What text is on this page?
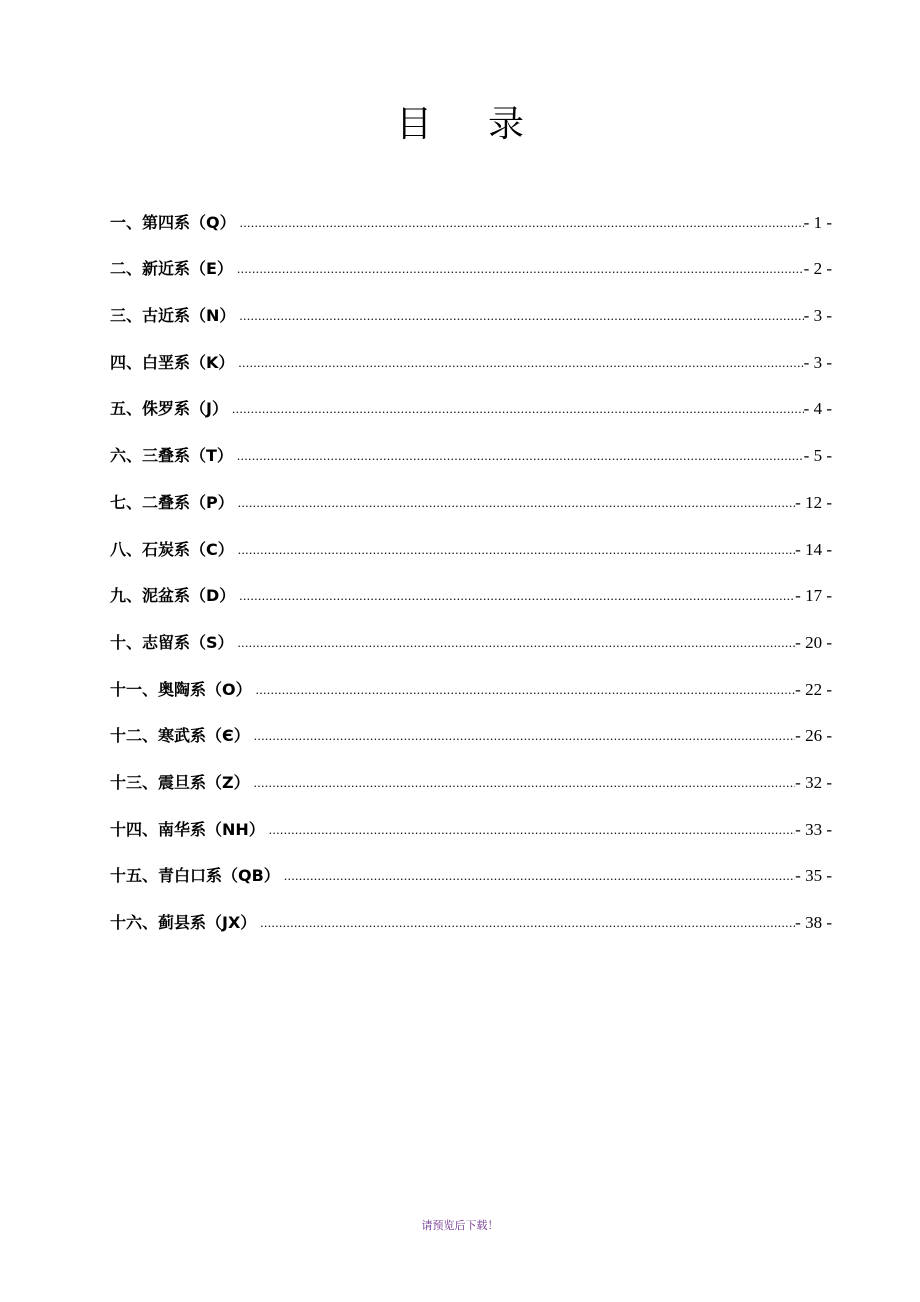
目 录
一、第四系（Q） .....	- 1 -
二、新近系（E） .....	- 2 -
三、古近系（N） .....	- 3 -
四、白垩系（K） .....	- 3 -
五、侏罗系（J） .....	- 4 -
六、三叠系（T） .....	- 5 -
七、二叠系（P） .....	- 12 -
八、石炭系（C） .....	- 14 -
九、泥盆系（D） .....	- 17 -
十、志留系（S） .....	- 20 -
十一、奥陶系（O） .....	- 22 -
十二、寒武系（Є） .....	- 26 -
十三、震旦系（Z） .....	- 32 -
十四、南华系（NH） .....	- 33 -
十五、青白口系（QB） .....	- 35 -
十六、蓟县系（JX） .....	- 38 -
请预览后下载！
